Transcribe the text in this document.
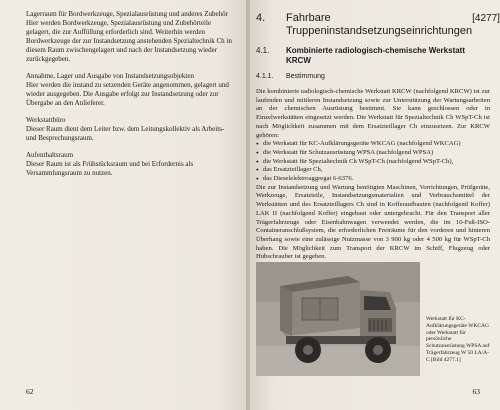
Lagerraum für Bordwerkzeuge, Spezialausrüstung und anderes Zubehör Hier werden Bordwerkzeuge, Spezialausrüstung und Zubehörteile gelagert, die zur Auffüllung erforderlich sind. Weiterhin werden Bordwerkzeuge der zur Instandsetzung anstehenden Spezialtechnik Ch in diesem Raum zwischengelagert und nach der Instandsetzung wieder zurückgegeben.

Annahme, Lager und Ausgabe von Instandsetzungsobjekten
Hier werden die instand zu setzenden Geräte angenommen, gelagert und wieder ausgegeben. Die Ausgabe erfolgt zur Instandsetzung oder zur Übergabe an den Anlieferer.

Werkstattbüro
Dieser Raum dient dem Leiter bzw. dem Leitungskollektiv als Arbeits- und Besprechungsraum.

Aufenthaltsraum
Dieser Raum ist als Frühstücksraum und bei Erfordernis als Versammlungsraum zu nutzen.

62
4.	Fahrbare Truppeninstandsetzungseinrichtungen
[4277]
4.1.	Kombinierte radiologisch-chemische Werkstatt KRCW
4.1.1.	Bestimmung

Die kombinierte radiologisch-chemische Werkstatt KRCW (nachfolgend KRCW) ist zur laufenden und mittleren Instandsetzung sowie zur Unterstützung der Wartungsarbeiten an der chemischen Ausrüstung bestimmt. Sie kann geschlossen oder in Einzelwerkstätten eingesetzt werden. Die Werkstatt für Spezialtechnik Ch WSpT-Ch ist nach Möglichkeit zusammen mit dem Ersatzteillager Ch einzusetzen. Zur KRCW gehören:

● die Werkstatt für KC-Aufklärungsgeräte WKCAG (nachfolgend WKCAG)
● die Werkstatt für Schutzausrüstung WPSA (nachfolgend WPSA)
● die Werkstatt für Spezialtechnik Ch WSpT-Ch (nachfolgend WSpT-Ch),
● das Ersatzteillager Ch,
● das Dieselelektroaggregat 6-6376.

Die zur Instandsetzung und Wartung benötigten Maschinen, Vorrichtungen, Prüfgeräte, Werkzeuge, Ersatzteile, Instandsetzungsmaterialien und Verbrauchsmittel der Werkstätten und des Ersatzteillagers Ch sind in Kofferaufbauten (nachfolgend Koffer) LAK II (nachfolgend Koffer) eingebaut oder untergebracht. Für den Transport aller Trägerfahrzeuge oder Eisenbahnwagen verwendet werden, die im 10-Fuß-ISO-Containeranschlußsystem, die erforderlichen Freiräume für den vorderen und hinteren Überhang sowie eine zulässige Nutzmasse von 3 900 kg oder 4 500 kg für WSpT-Ch haben. Die Möglichkeit zum Transport der KRCW im Schiff, Flugzeug oder Hubschrauber ist gegeben.

Werkstatt für KC-Aufklärungsgeräte WKCAG oder Werkstatt für persönliche Schutzausrüstung WPSA auf Trägerfahrzeug W 50 LA/A-C [Bild 4277.1]
63
